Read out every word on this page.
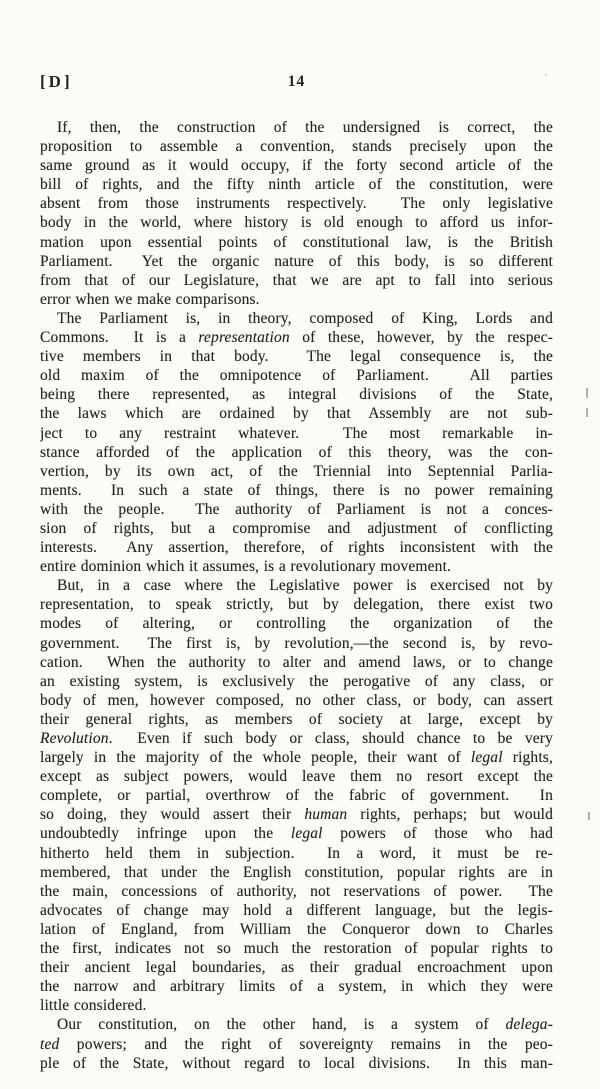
[D]	14
If, then, the construction of the undersigned is correct, the
proposition to assemble a convention, stands precisely upon the
same ground as it would occupy, if the forty second article of the
bill of rights, and the fifty ninth article of the constitution, were
absent from those instruments respectively.  The only legislative
body in the world, where history is old enough to afford us infor-
mation upon essential points of constitutional law, is the British
Parliament.  Yet the organic nature of this body, is so different
from that of our Legislature, that we are apt to fall into serious
error when we make comparisons.
The Parliament is, in theory, composed of King, Lords and
Commons.  It is a representation of these, however, by the respec-
tive members in that body.  The legal consequence is, the
old maxim of the omnipotence of Parliament.  All parties
being there represented, as integral divisions of the State,
the laws which are ordained by that Assembly are not sub-
ject to any restraint whatever.  The most remarkable in-
stance afforded of the application of this theory, was the con-
vertion, by its own act, of the Triennial into Septennial Parlia-
ments.  In such a state of things, there is no power remaining
with the people.  The authority of Parliament is not a conces-
sion of rights, but a compromise and adjustment of conflicting
interests.  Any assertion, therefore, of rights inconsistent with the
entire dominion which it assumes, is a revolutionary movement.
But, in a case where the Legislative power is exercised not by
representation, to speak strictly, but by delegation, there exist two
modes of altering, or controlling the organization of the
government.  The first is, by revolution,—the second is, by revo-
cation.  When the authority to alter and amend laws, or to change
an existing system, is exclusively the perogative of any class, or
body of men, however composed, no other class, or body, can assert
their general rights, as members of society at large, except by
Revolution.  Even if such body or class, should chance to be very
largely in the majority of the whole people, their want of legal rights,
except as subject powers, would leave them no resort except the
complete, or partial, overthrow of the fabric of government.  In
so doing, they would assert their human rights, perhaps; but would
undoubtedly infringe upon the legal powers of those who had
hitherto held them in subjection.  In a word, it must be re-
membered, that under the English constitution, popular rights are in
the main, concessions of authority, not reservations of power.  The
advocates of change may hold a different language, but the legis-
lation of England, from William the Conqueror down to Charles
the first, indicates not so much the restoration of popular rights to
their ancient legal boundaries, as their gradual encroachment upon
the narrow and arbitrary limits of a system, in which they were
little considered.
Our constitution, on the other hand, is a system of delega-
ted powers; and the right of sovereignty remains in the peo-
ple of the State, without regard to local divisions.  In this man-
